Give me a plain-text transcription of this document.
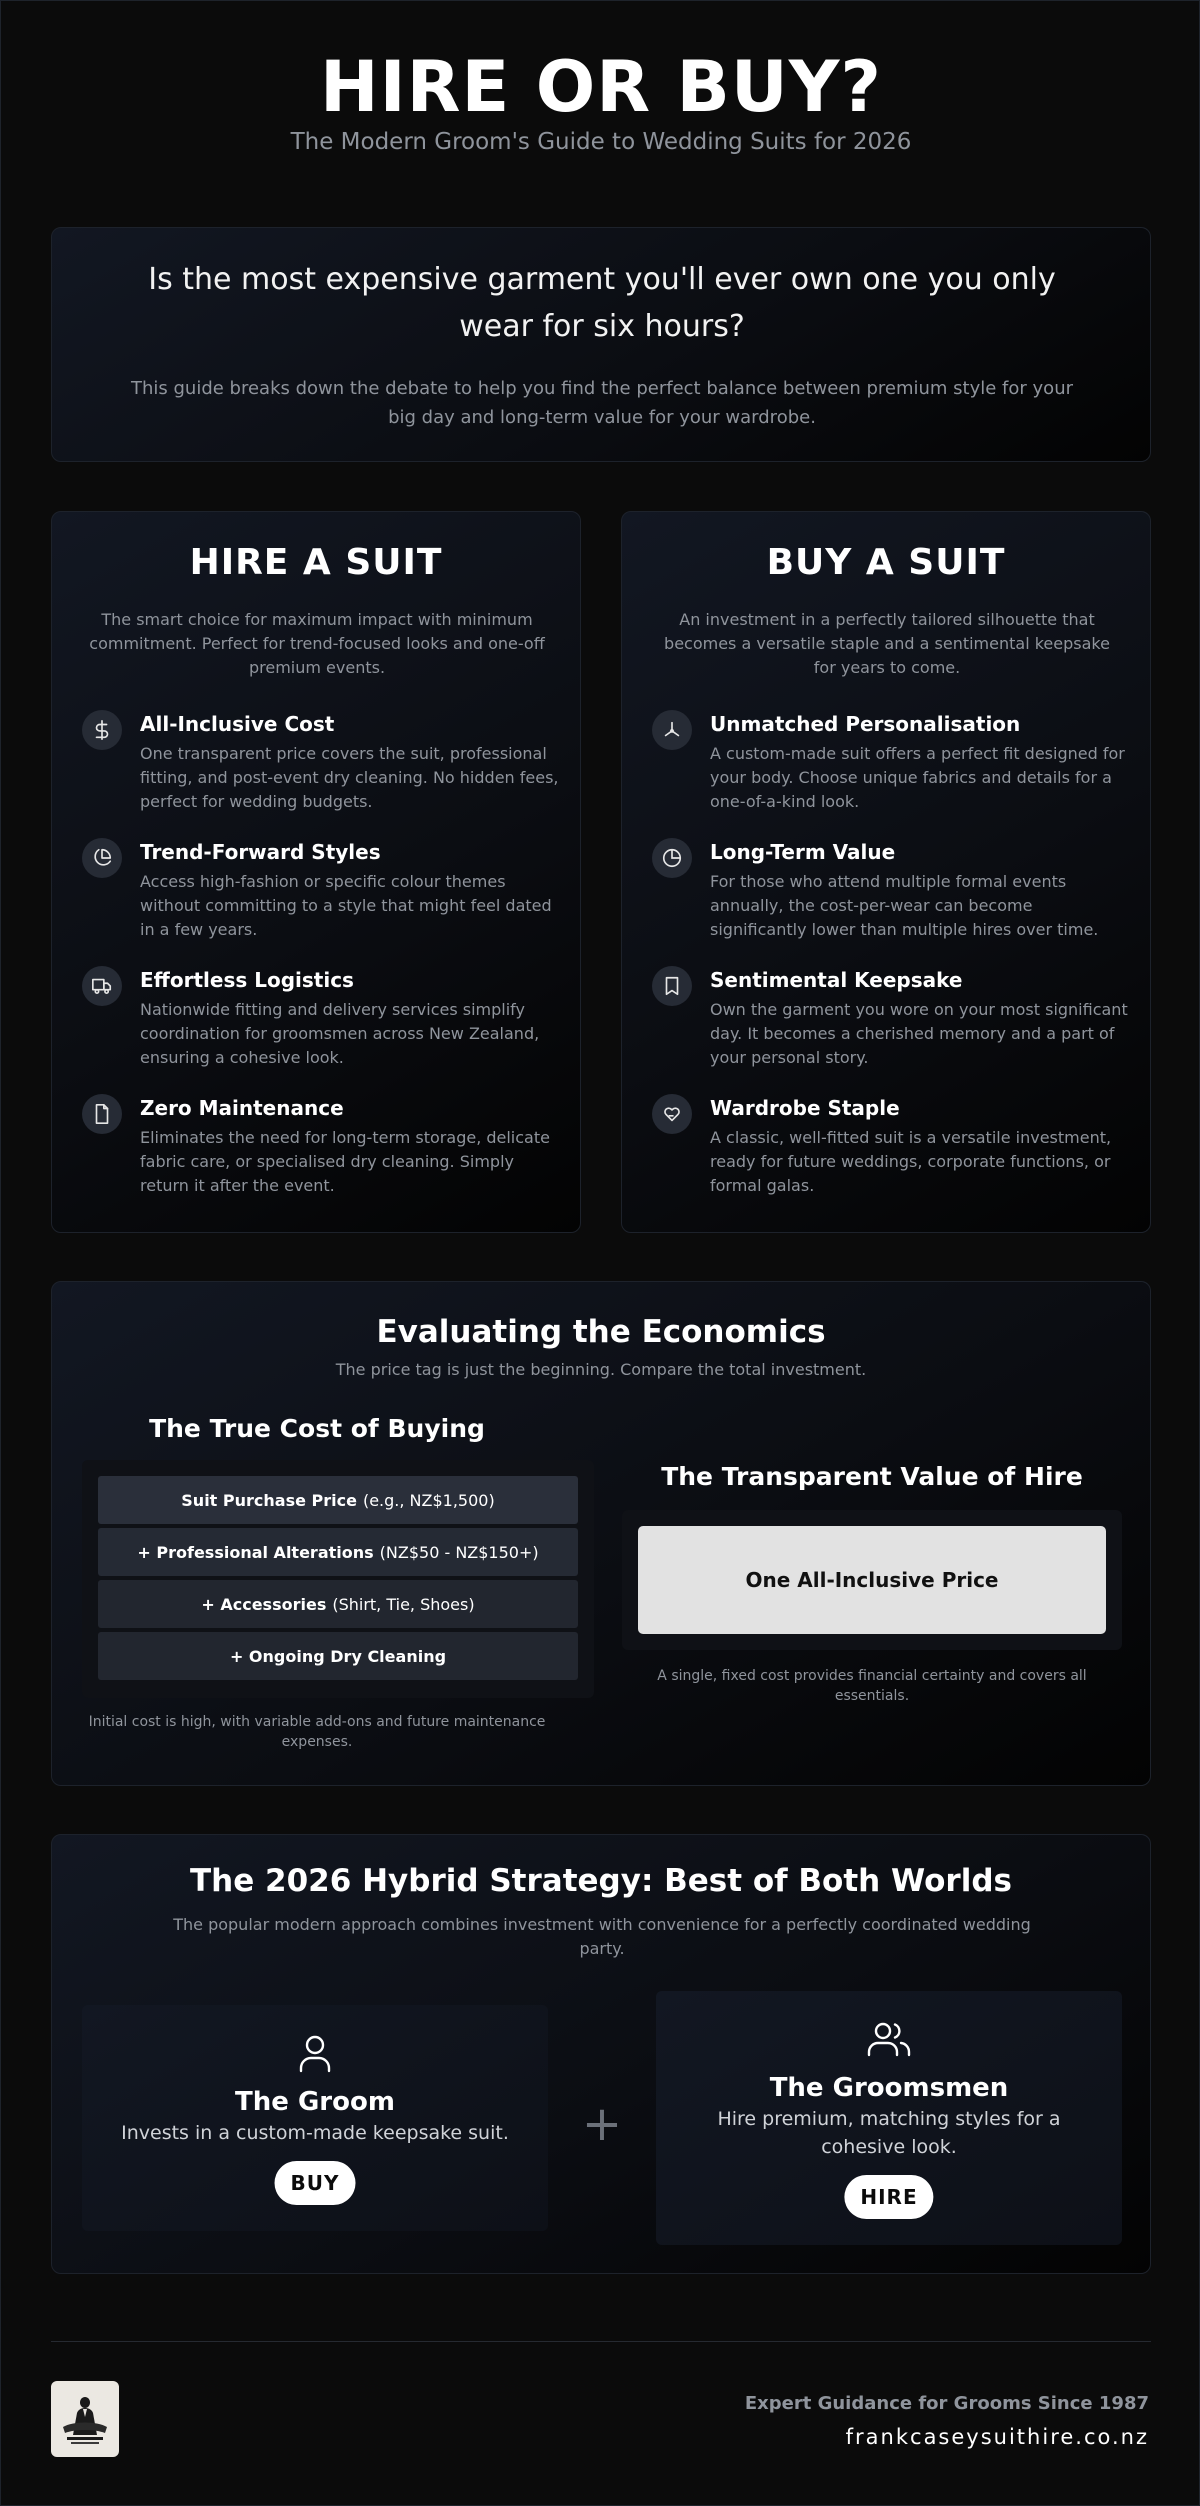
HIRE OR BUY?
The Modern Groom's Guide to Wedding Suits for 2026
Is the most expensive garment you'll ever own one you only wear for six hours?
This guide breaks down the debate to help you find the perfect balance between premium style for your big day and long-term value for your wardrobe.
HIRE A SUIT
The smart choice for maximum impact with minimum commitment. Perfect for trend-focused looks and one-off premium events.
All-Inclusive Cost
One transparent price covers the suit, professional fitting, and post-event dry cleaning. No hidden fees, perfect for wedding budgets.
Trend-Forward Styles
Access high-fashion or specific colour themes without committing to a style that might feel dated in a few years.
Effortless Logistics
Nationwide fitting and delivery services simplify coordination for groomsmen across New Zealand, ensuring a cohesive look.
Zero Maintenance
Eliminates the need for long-term storage, delicate fabric care, or specialised dry cleaning. Simply return it after the event.
BUY A SUIT
An investment in a perfectly tailored silhouette that becomes a versatile staple and a sentimental keepsake for years to come.
Unmatched Personalisation
A custom-made suit offers a perfect fit designed for your body. Choose unique fabrics and details for a one-of-a-kind look.
Long-Term Value
For those who attend multiple formal events annually, the cost-per-wear can become significantly lower than multiple hires over time.
Sentimental Keepsake
Own the garment you wore on your most significant day. It becomes a cherished memory and a part of your personal story.
Wardrobe Staple
A classic, well-fitted suit is a versatile investment, ready for future weddings, corporate functions, or formal galas.
Evaluating the Economics
The price tag is just the beginning. Compare the total investment.
The True Cost of Buying
Suit Purchase Price (e.g., NZ$1,500)
+ Professional Alterations (NZ$50 - NZ$150+)
+ Accessories (Shirt, Tie, Shoes)
+ Ongoing Dry Cleaning
Initial cost is high, with variable add-ons and future maintenance expenses.
The Transparent Value of Hire
One All-Inclusive Price
A single, fixed cost provides financial certainty and covers all essentials.
The 2026 Hybrid Strategy: Best of Both Worlds
The popular modern approach combines investment with convenience for a perfectly coordinated wedding party.
The Groom
Invests in a custom-made keepsake suit.
BUY
+
The Groomsmen
Hire premium, matching styles for a cohesive look.
HIRE
Expert Guidance for Grooms Since 1987
frankcaseysuithire.co.nz
